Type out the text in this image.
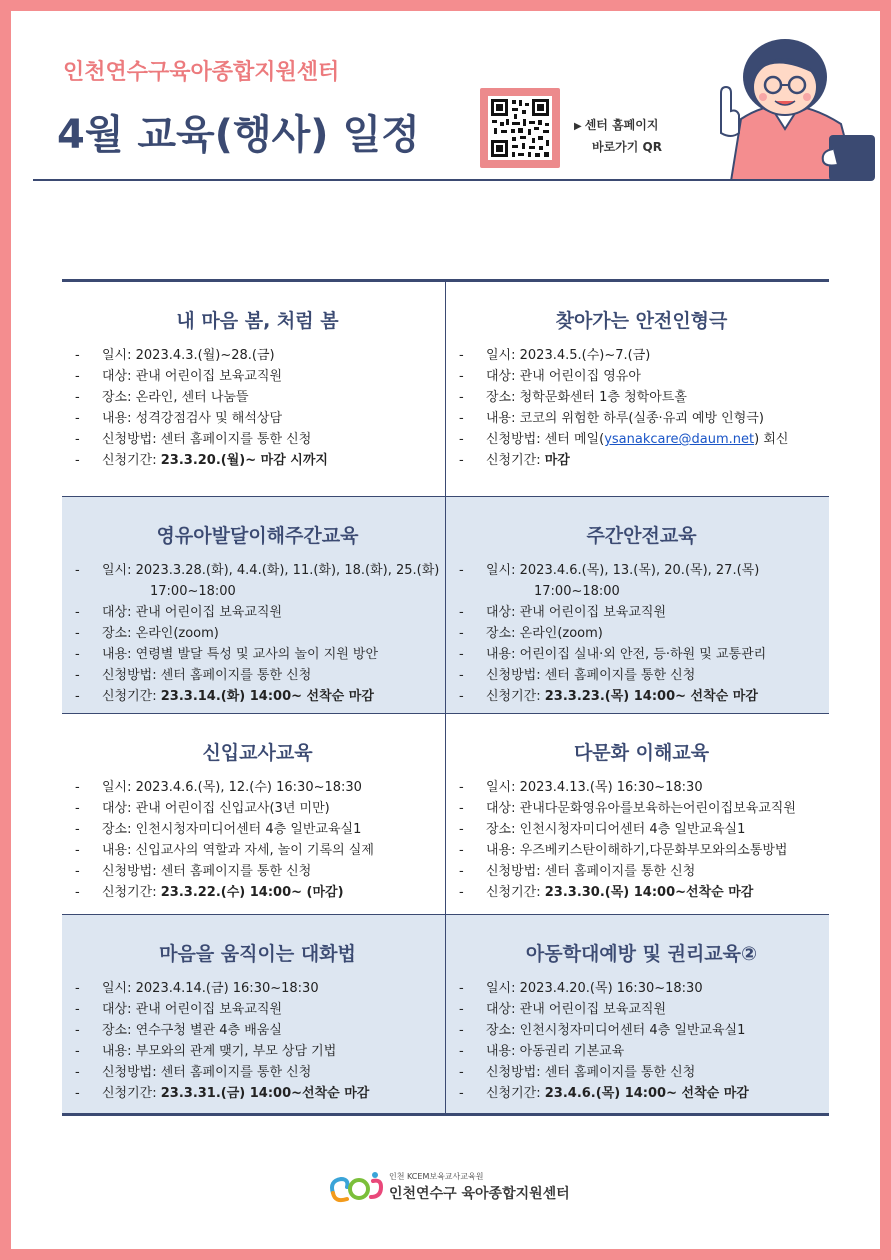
인천연수구육아종합지원센터
4월 교육(행사) 일정	▶ 센터 홈페이지
바로가기 QR
내 마음 봄, 처럼 봄
- 일시: 2023.4.3.(월)~28.(금)
- 대상: 관내 어린이집 보육교직원
- 장소: 온라인, 센터 나눔뜰
- 내용: 성격강점검사 및 해석상담
- 신청방법: 센터 홈페이지를 통한 신청
- 신청기간: 23.3.20.(월)~ 마감 시까지
찾아가는 안전인형극
- 일시: 2023.4.5.(수)~7.(금)
- 대상: 관내 어린이집 영유아
- 장소: 청학문화센터 1층 청학아트홀
- 내용: 코코의 위험한 하루(실종·유괴 예방 인형극)
- 신청방법: 센터 메일(ysanakcare@daum.net) 회신
- 신청기간: 마감
영유아발달이해주간교육
- 일시: 2023.3.28.(화), 4.4.(화), 11.(화), 18.(화), 25.(화)
17:00~18:00
- 대상: 관내 어린이집 보육교직원
- 장소: 온라인(zoom)
- 내용: 연령별 발달 특성 및 교사의 놀이 지원 방안
- 신청방법: 센터 홈페이지를 통한 신청
- 신청기간: 23.3.14.(화) 14:00~ 선착순 마감
주간안전교육
- 일시: 2023.4.6.(목), 13.(목), 20.(목), 27.(목)
17:00~18:00
- 대상: 관내 어린이집 보육교직원
- 장소: 온라인(zoom)
- 내용: 어린이집 실내·외 안전, 등·하원 및 교통관리
- 신청방법: 센터 홈페이지를 통한 신청
- 신청기간: 23.3.23.(목) 14:00~ 선착순 마감
신입교사교육
- 일시: 2023.4.6.(목), 12.(수) 16:30~18:30
- 대상: 관내 어린이집 신입교사(3년 미만)
- 장소: 인천시청자미디어센터 4층 일반교육실1
- 내용: 신입교사의 역할과 자세, 놀이 기록의 실제
- 신청방법: 센터 홈페이지를 통한 신청
- 신청기간: 23.3.22.(수) 14:00~ (마감)
다문화 이해교육
- 일시: 2023.4.13.(목) 16:30~18:30
- 대상: 관내다문화영유아를보육하는어린이집보육교직원
- 장소: 인천시청자미디어센터 4층 일반교육실1
- 내용: 우즈베키스탄이해하기,다문화부모와의소통방법
- 신청방법: 센터 홈페이지를 통한 신청
- 신청기간: 23.3.30.(목) 14:00~선착순 마감
마음을 움직이는 대화법
- 일시: 2023.4.14.(금) 16:30~18:30
- 대상: 관내 어린이집 보육교직원
- 장소: 연수구청 별관 4층 배움실
- 내용: 부모와의 관계 맺기, 부모 상담 기법
- 신청방법: 센터 홈페이지를 통한 신청
- 신청기간: 23.3.31.(금) 14:00~선착순 마감
아동학대예방 및 권리교육②
- 일시: 2023.4.20.(목) 16:30~18:30
- 대상: 관내 어린이집 보육교직원
- 장소: 인천시청자미디어센터 4층 일반교육실1
- 내용: 아동권리 기본교육
- 신청방법: 센터 홈페이지를 통한 신청
- 신청기간: 23.4.6.(목) 14:00~ 선착순 마감
인천 KCEM보육교사교육원
인천연수구 육아종합지원센터
